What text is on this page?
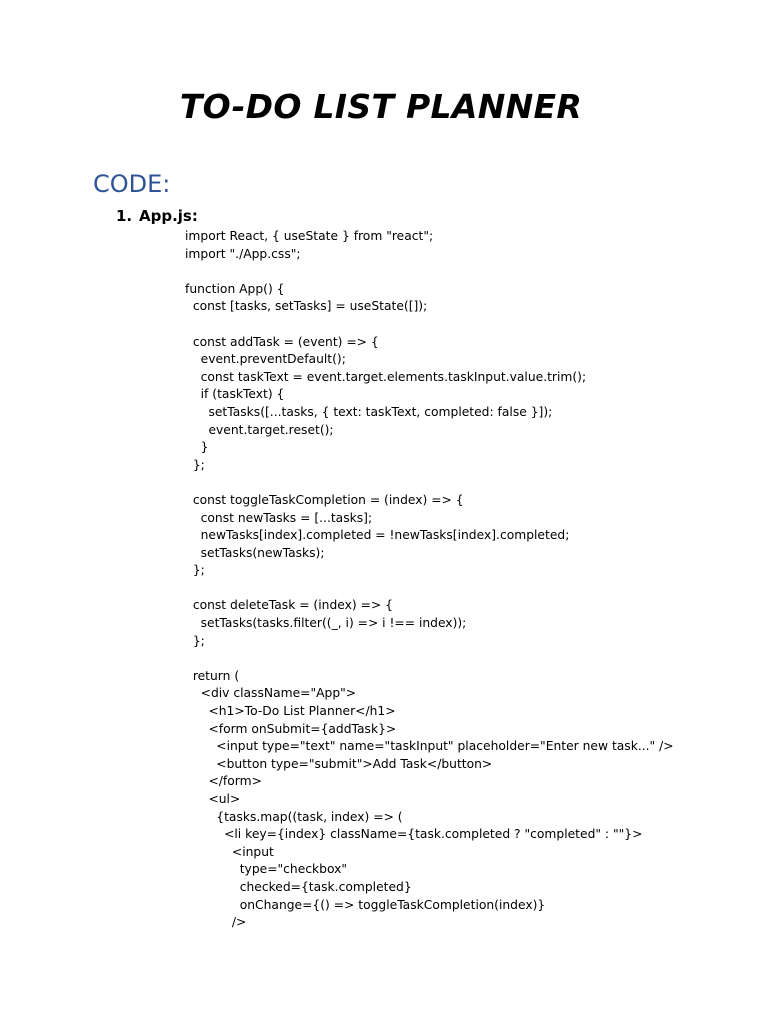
TO-DO LIST PLANNER
CODE:
1. App.js:
import React, { useState } from "react";
import "./App.css";

function App() {
const [tasks, setTasks] = useState([]);

const addTask = (event) => {
event.preventDefault();
const taskText = event.target.elements.taskInput.value.trim();
if (taskText) {
setTasks([...tasks, { text: taskText, completed: false }]);
event.target.reset();
}
};

const toggleTaskCompletion = (index) => {
const newTasks = [...tasks];
newTasks[index].completed = !newTasks[index].completed;
setTasks(newTasks);
};

const deleteTask = (index) => {
setTasks(tasks.filter((_, i) => i !== index));
};

return (
<div className="App">
<h1>To-Do List Planner</h1>
<form onSubmit={addTask}>
<input type="text" name="taskInput" placeholder="Enter new task..." />
<button type="submit">Add Task</button>
</form>
<ul>
{tasks.map((task, index) => (
<li key={index} className={task.completed ? "completed" : ""}>
<input
type="checkbox"
checked={task.completed}
onChange={() => toggleTaskCompletion(index)}
/>
